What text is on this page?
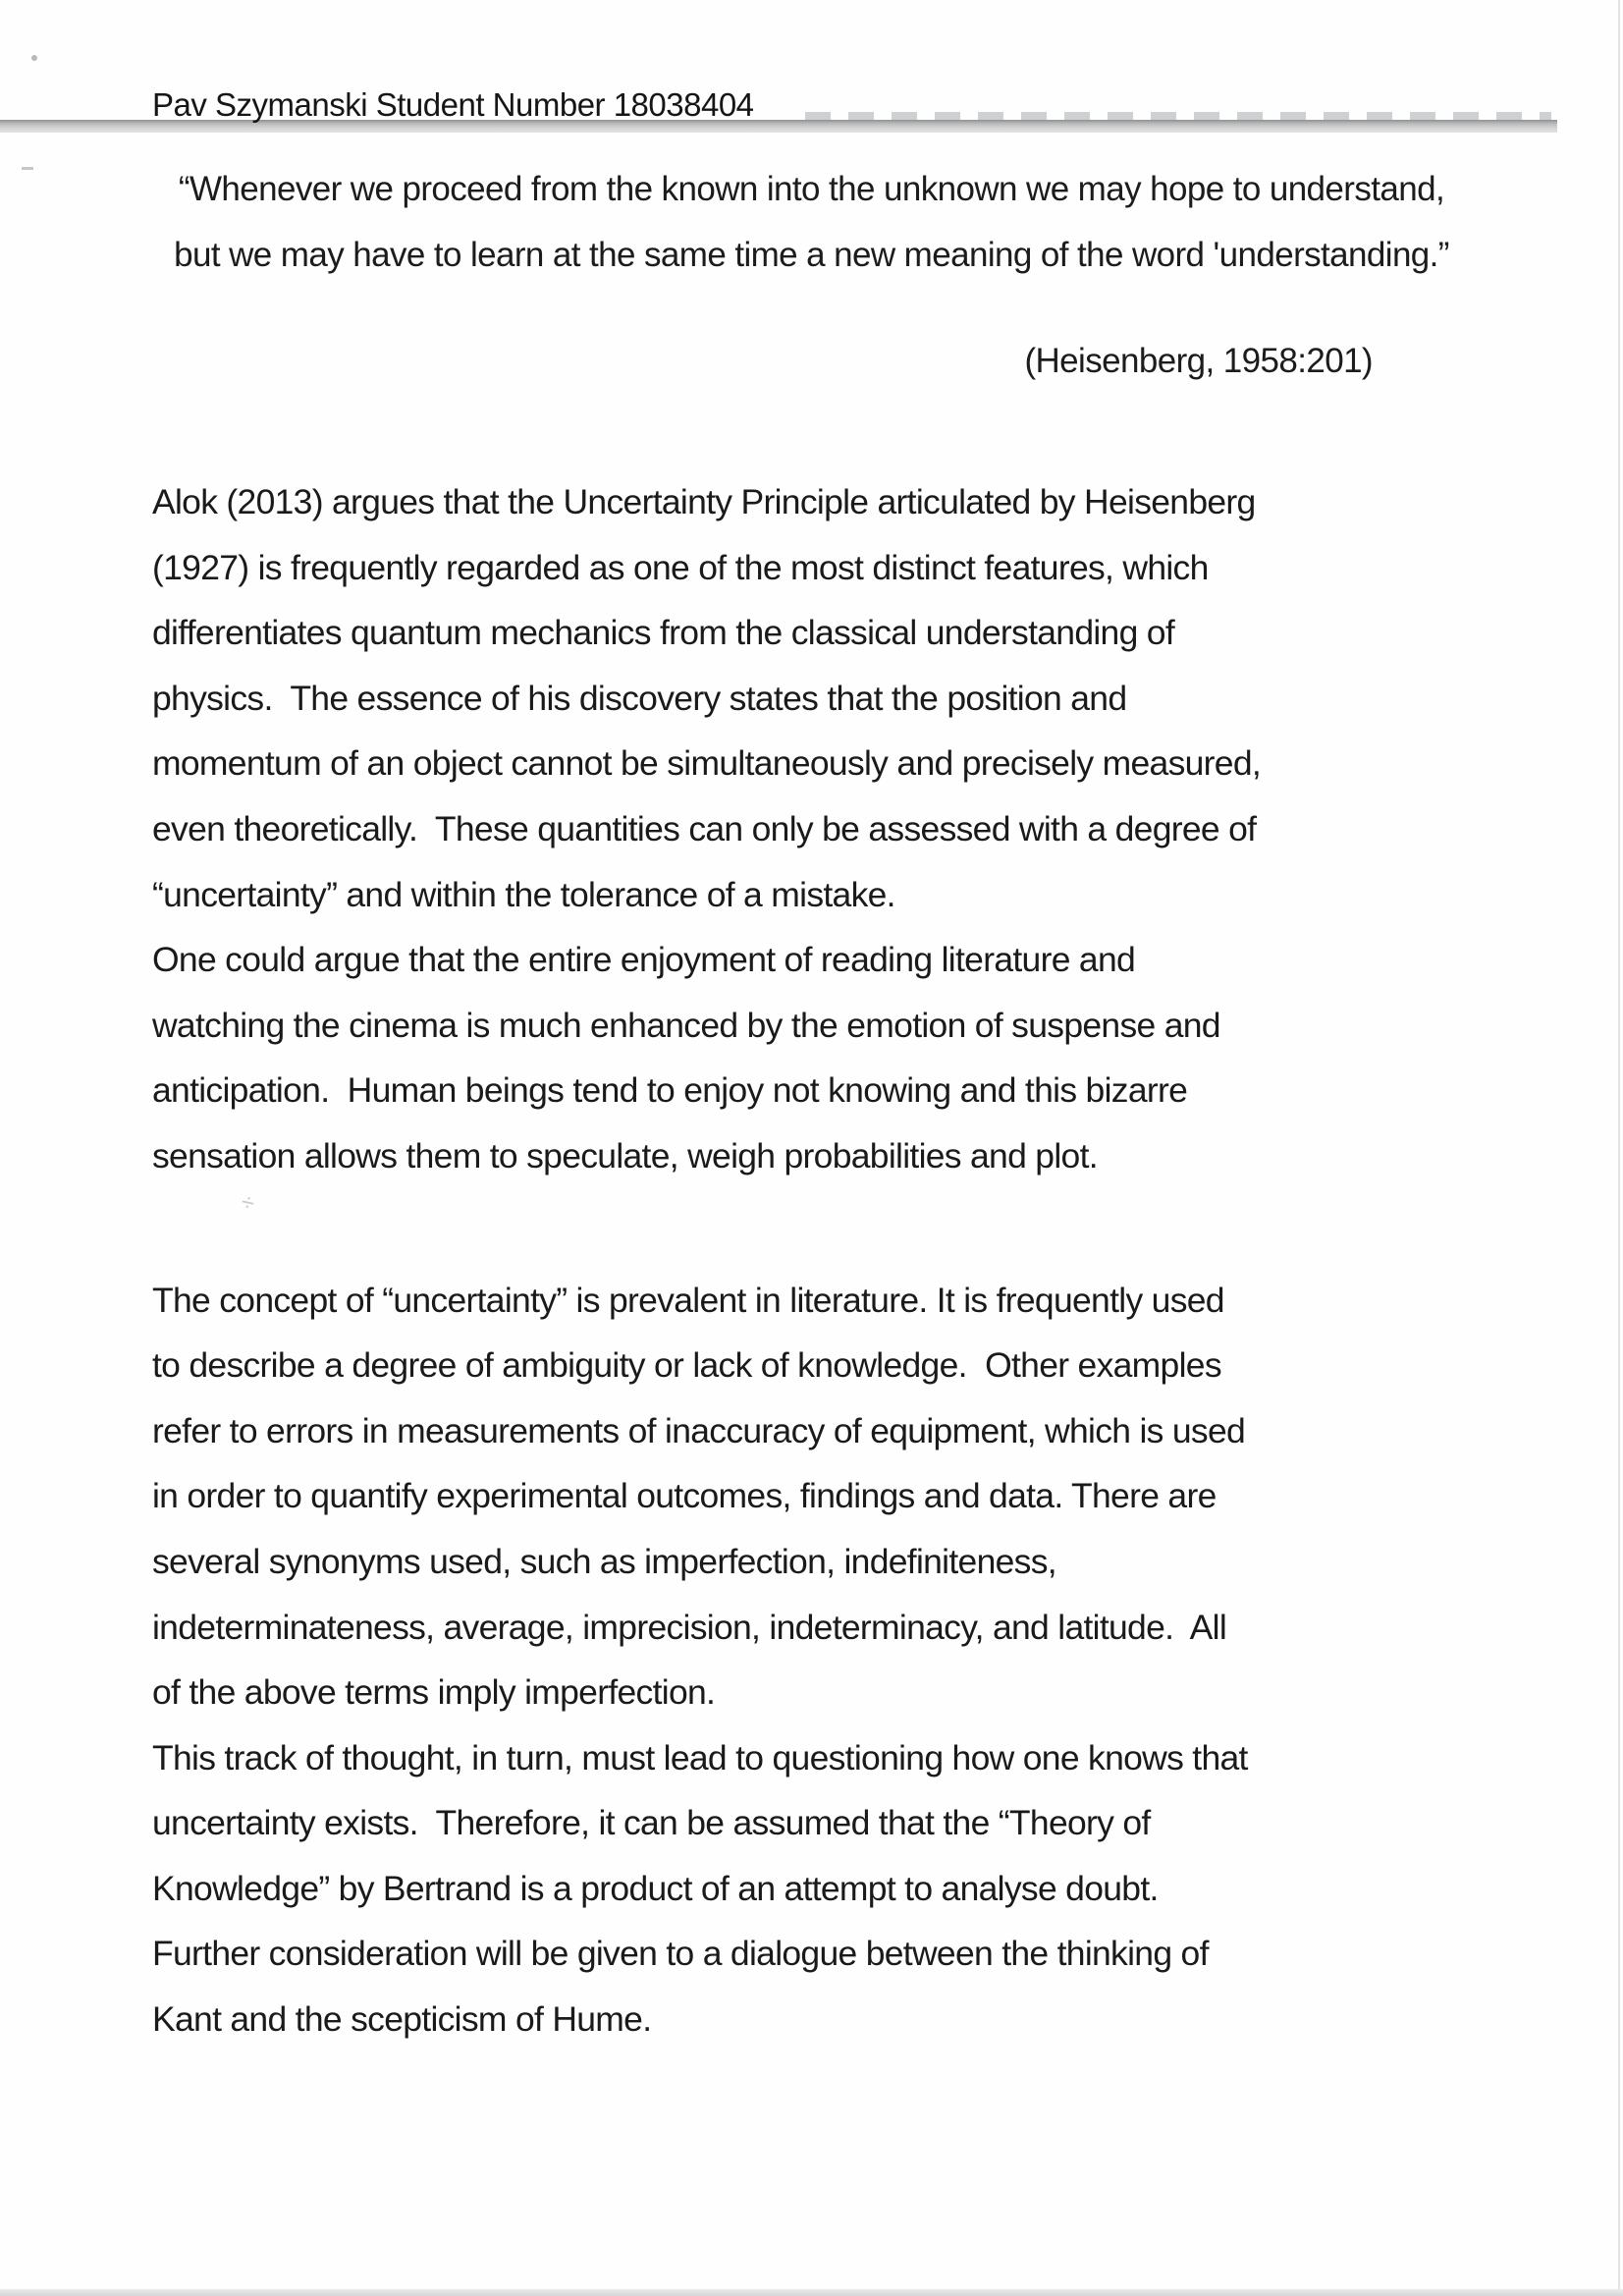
Pav Szymanski Student Number 18038404
“Whenever we proceed from the known into the unknown we may hope to understand,
but we may have to learn at the same time a new meaning of the word 'understanding.”
(Heisenberg, 1958:201)
Alok (2013) argues that the Uncertainty Principle articulated by Heisenberg
(1927) is frequently regarded as one of the most distinct features, which
differentiates quantum mechanics from the classical understanding of
physics.  The essence of his discovery states that the position and
momentum of an object cannot be simultaneously and precisely measured,
even theoretically.  These quantities can only be assessed with a degree of
“uncertainty” and within the tolerance of a mistake.
One could argue that the entire enjoyment of reading literature and
watching the cinema is much enhanced by the emotion of suspense and
anticipation.  Human beings tend to enjoy not knowing and this bizarre
sensation allows them to speculate, weigh probabilities and plot.
The concept of “uncertainty” is prevalent in literature. It is frequently used
to describe a degree of ambiguity or lack of knowledge.  Other examples
refer to errors in measurements of inaccuracy of equipment, which is used
in order to quantify experimental outcomes, findings and data. There are
several synonyms used, such as imperfection, indefiniteness,
indeterminateness, average, imprecision, indeterminacy, and latitude.  All
of the above terms imply imperfection.
This track of thought, in turn, must lead to questioning how one knows that
uncertainty exists.  Therefore, it can be assumed that the “Theory of
Knowledge” by Bertrand is a product of an attempt to analyse doubt.
Further consideration will be given to a dialogue between the thinking of
Kant and the scepticism of Hume.
÷
